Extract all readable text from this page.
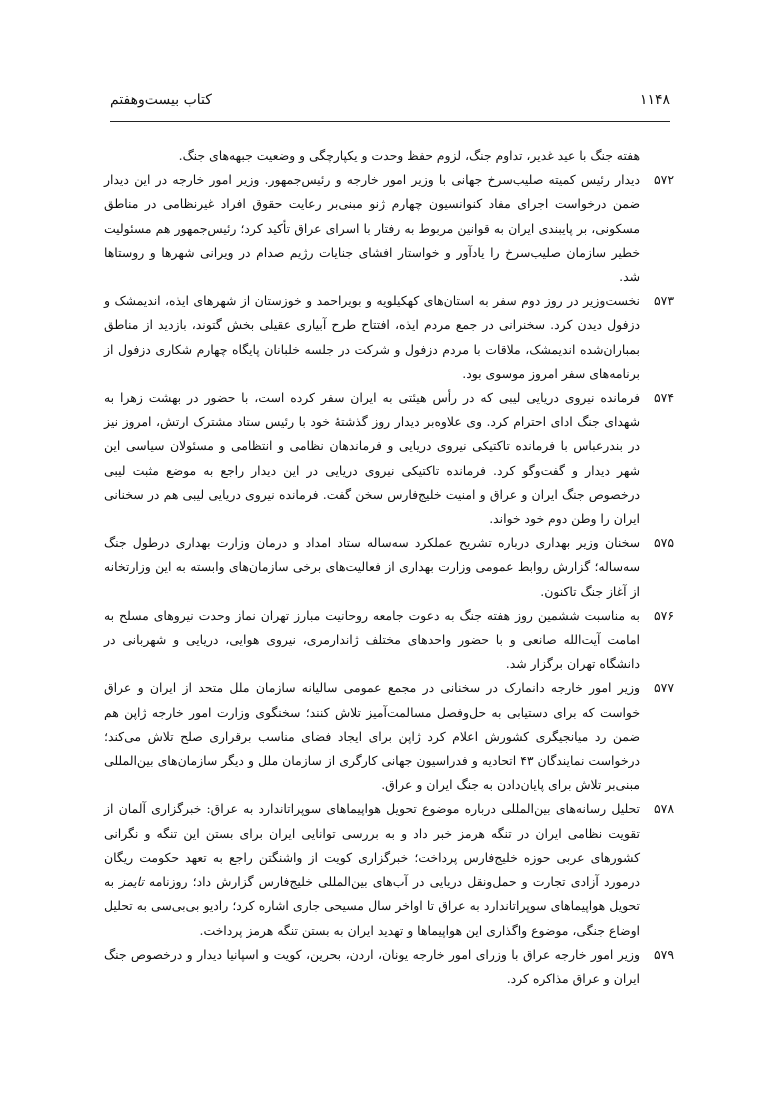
۱۱۴۸
کتاب بیست‌وهفتم

هفته جنگ با عید غدیر، تداوم جنگ، لزوم حفظ وحدت و یکپارچگی و وضعیت جبهه‌های جنگ.

۵۷۲
دیدار رئیس کمیته صلیب‌سرخ جهانی با وزیر امور خارجه و رئیس‌جمهور. وزیر امور خارجه در این دیدار ضمن درخواست اجرای مفاد کنوانسیون چهارم ژنو مبنی‌بر رعایت حقوق افراد غیرنظامی در مناطق مسکونی، بر پایبندی ایران به قوانین مربوط به رفتار با اسرای عراق تأکید کرد؛ رئیس‌جمهور هم مسئولیت خطیر سازمان صلیب‌سرخ را یادآور و خواستار افشای جنایات رژیم صدام در ویرانی شهرها و روستاها شد.

۵۷۳
نخست‌وزیر در روز دوم سفر به استان‌های کهکیلویه و بویراحمد و خوزستان از شهرهای ایذه، اندیمشک و دزفول دیدن کرد. سخنرانی در جمع مردم ایذه، افتتاح طرح آبیاری عقیلی بخش گتوند، بازدید از مناطق بمباران‌شده اندیمشک، ملاقات با مردم دزفول و شرکت در جلسه خلبانان پایگاه چهارم شکاری دزفول از برنامه‌های سفر امروز موسوی بود.

۵۷۴
فرمانده نیروی دریایی لیبی که در رأس هیئتی به ایران سفر کرده است، با حضور در بهشت زهرا به شهدای جنگ ادای احترام کرد. وی علاوه‌بر دیدار روز گذشتهٔ خود با رئیس ستاد مشترک ارتش، امروز نیز در بندرعباس با فرمانده تاکتیکی نیروی دریایی و فرماندهان نظامی و انتظامی و مسئولان سیاسی این شهر دیدار و گفت‌وگو کرد. فرمانده تاکتیکی نیروی دریایی در این دیدار راجع به موضع مثبت لیبی درخصوص جنگ ایران و عراق و امنیت خلیج‌فارس سخن گفت. فرمانده نیروی دریایی لیبی هم در سخنانی ایران را وطن دوم خود خواند.

۵۷۵
سخنان وزیر بهداری درباره تشریح عملکرد سه‌ساله ستاد امداد و درمان وزارت بهداری درطول جنگ سه‌ساله؛ گزارش روابط عمومی وزارت بهداری از فعالیت‌های برخی سازمان‌های وابسته به این وزارتخانه از آغاز جنگ تاکنون.

۵۷۶
به مناسبت ششمین روز هفته جنگ به دعوت جامعه روحانیت مبارز تهران نماز وحدت نیروهای مسلح به امامت آیت‌الله صانعی و با حضور واحدهای مختلف ژاندارمری، نیروی هوایی، دریایی و شهربانی در دانشگاه تهران برگزار شد.

۵۷۷
وزیر امور خارجه دانمارک در سخنانی در مجمع عمومی سالیانه سازمان ملل متحد از ایران و عراق خواست که برای دستیابی به حل‌وفصل مسالمت‌آمیز تلاش کنند؛ سخنگوی وزارت امور خارجه ژاپن هم ضمن رد میانجیگری کشورش اعلام کرد ژاپن برای ایجاد فضای مناسب برقراری صلح تلاش می‌کند؛ درخواست نمایندگان ۴۳ اتحادیه و فدراسیون جهانی کارگری از سازمان ملل و دیگر سازمان‌های بین‌المللی مبنی‌بر تلاش برای پایان‌دادن به جنگ ایران و عراق.

۵۷۸
تحلیل رسانه‌های بین‌المللی درباره موضوع تحویل هواپیماهای سوپراتاندارد به عراق: خبرگزاری آلمان از تقویت نظامی ایران در تنگه هرمز خبر داد و به بررسی توانایی ایران برای بستن این تنگه و نگرانی کشورهای عربی حوزه خلیج‌فارس پرداخت؛ خبرگزاری کویت از واشنگتن راجع به تعهد حکومت ریگان درمورد آزادی تجارت و حمل‌ونقل دریایی در آب‌های بین‌المللی خلیج‌فارس گزارش داد؛ روزنامه تایمز به تحویل هواپیماهای سوپراتاندارد به عراق تا اواخر سال مسیحی جاری اشاره کرد؛ رادیو بی‌بی‌سی به تحلیل اوضاع جنگی، موضوع واگذاری این هواپیماها و تهدید ایران به بستن تنگه هرمز پرداخت.

۵۷۹
وزیر امور خارجه عراق با وزرای امور خارجه یونان، اردن، بحرین، کویت و اسپانیا دیدار و درخصوص جنگ ایران و عراق مذاکره کرد.
